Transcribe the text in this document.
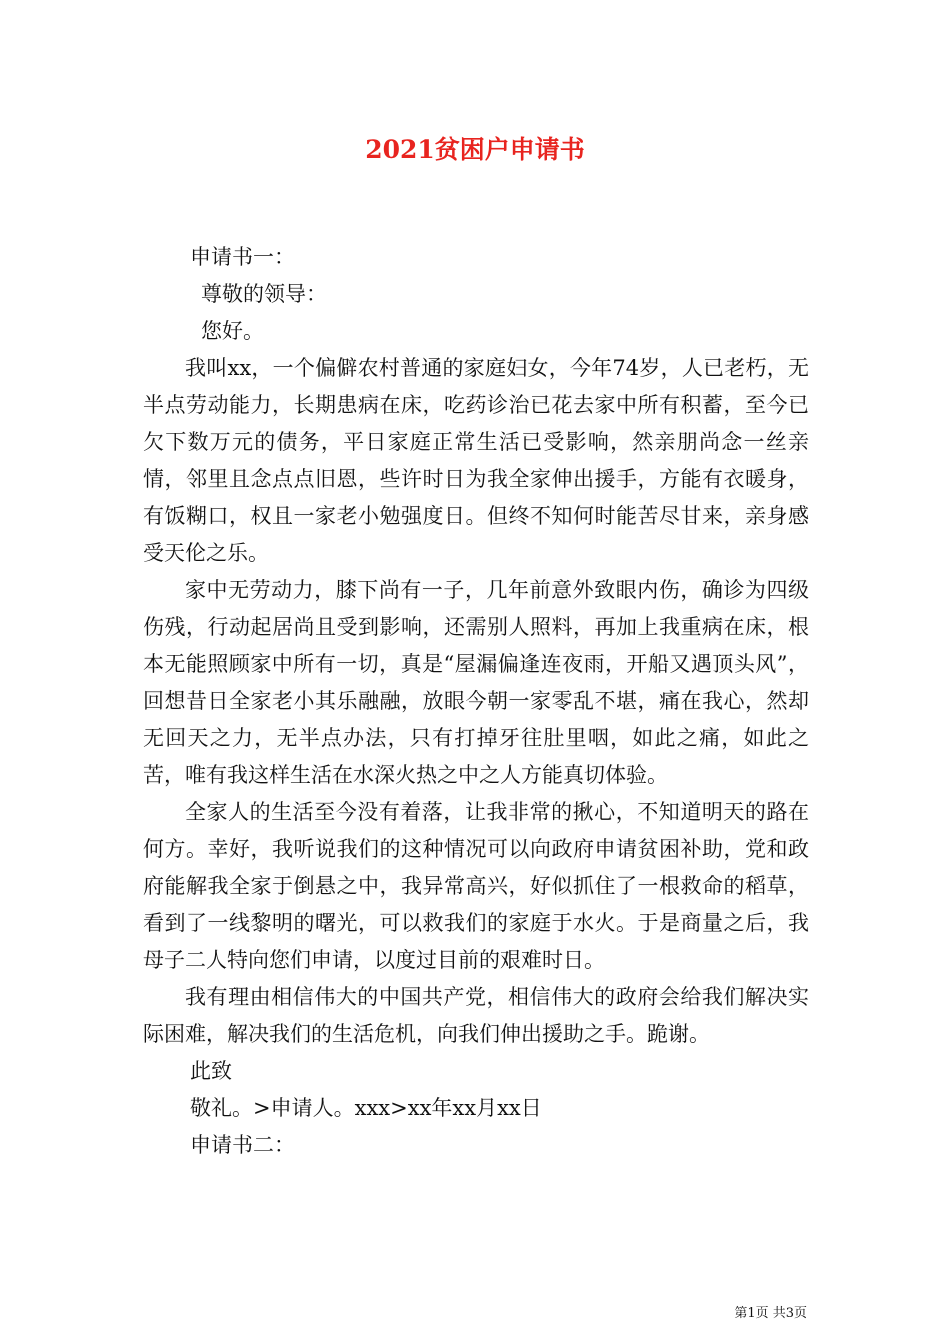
2021贫困户申请书

申请书一：

尊敬的领导：

您好。

我叫xx，一个偏僻农村普通的家庭妇女，今年74岁，人已老朽，无半点劳动能力，长期患病在床，吃药诊治已花去家中所有积蓄，至今已欠下数万元的债务，平日家庭正常生活已受影响，然亲朋尚念一丝亲情，邻里且念点点旧恩，些许时日为我全家伸出援手，方能有衣暖身，有饭糊口，权且一家老小勉强度日。但终不知何时能苦尽甘来，亲身感受天伦之乐。

家中无劳动力，膝下尚有一子，几年前意外致眼内伤，确诊为四级伤残，行动起居尚且受到影响，还需别人照料，再加上我重病在床，根本无能照顾家中所有一切，真是“屋漏偏逢连夜雨，开船又遇顶头风”，回想昔日全家老小其乐融融，放眼今朝一家零乱不堪，痛在我心，然却无回天之力，无半点办法，只有打掉牙往肚里咽，如此之痛，如此之苦，唯有我这样生活在水深火热之中之人方能真切体验。

全家人的生活至今没有着落，让我非常的揪心，不知道明天的路在何方。幸好，我听说我们的这种情况可以向政府申请贫困补助，党和政府能解我全家于倒悬之中，我异常高兴，好似抓住了一根救命的稻草，看到了一线黎明的曙光，可以救我们的家庭于水火。于是商量之后，我母子二人特向您们申请，以度过目前的艰难时日。

我有理由相信伟大的中国共产党，相信伟大的政府会给我们解决实际困难，解决我们的生活危机，向我们伸出援助之手。跪谢。

此致

敬礼。>申请人。xxx>xx年xx月xx日

申请书二：

第1页 共3页
